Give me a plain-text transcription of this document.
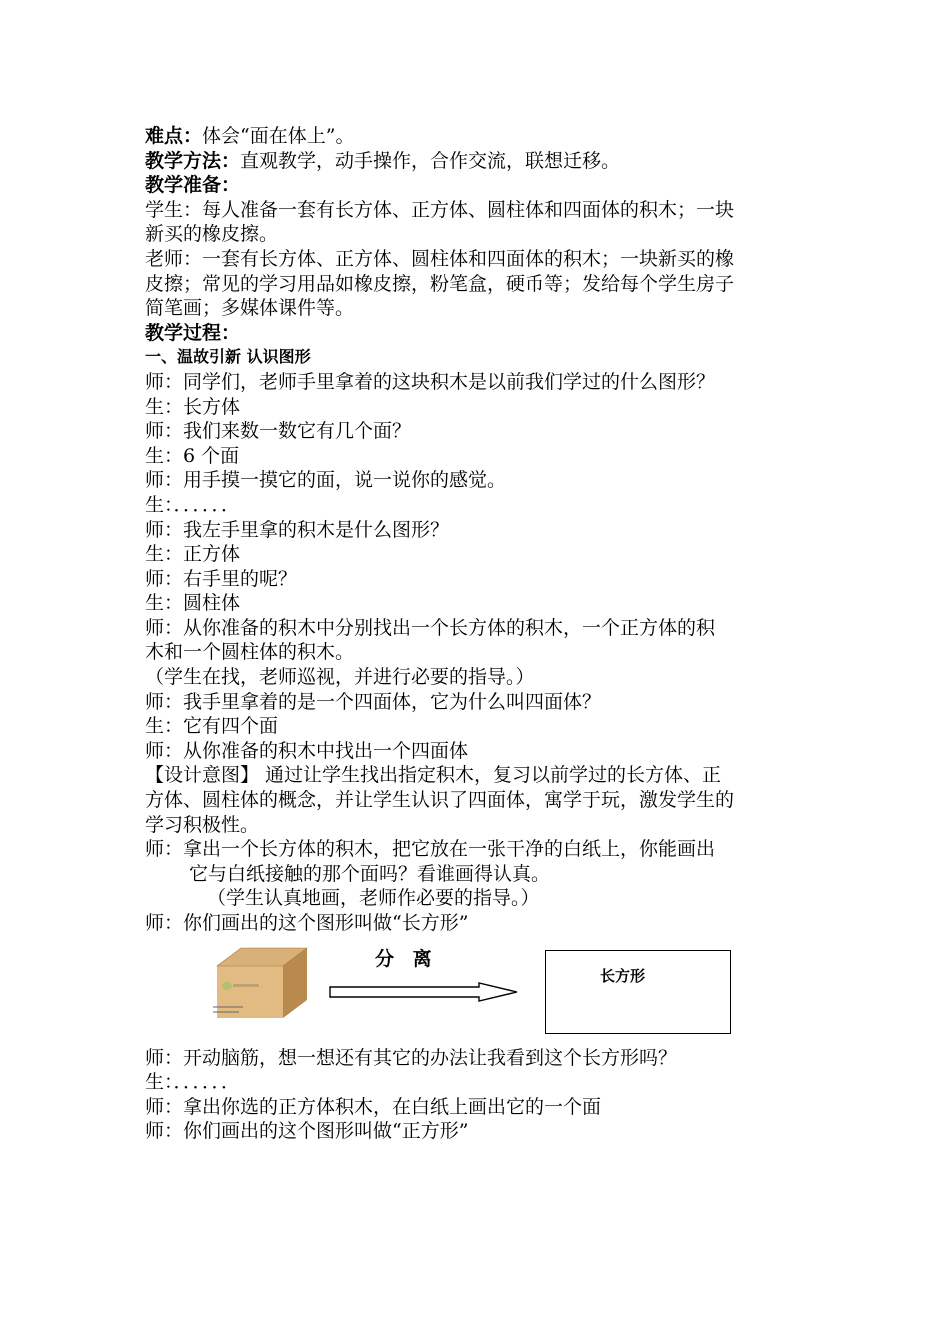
难点：体会“面在体上”。

教学方法：直观教学，动手操作，合作交流，联想迁移。

教学准备：

学生：每人准备一套有长方体、正方体、圆柱体和四面体的积木；一块

新买的橡皮擦。

老师：一套有长方体、正方体、圆柱体和四面体的积木；一块新买的橡

皮擦；常见的学习用品如橡皮擦，粉笔盒，硬币等；发给每个学生房子

简笔画；多媒体课件等。

教学过程：

一、温故引新 认识图形

师：同学们，老师手里拿着的这块积木是以前我们学过的什么图形？

生：长方体

师：我们来数一数它有几个面？

生：6 个面

师：用手摸一摸它的面，说一说你的感觉。

生：．．．．．．

师：我左手里拿的积木是什么图形？

生：正方体

师：右手里的呢？

生：圆柱体

师：从你准备的积木中分别找出一个长方体的积木，一个正方体的积

木和一个圆柱体的积木。

（学生在找，老师巡视，并进行必要的指导。）

师：我手里拿着的是一个四面体，它为什么叫四面体？

生：它有四个面

师：从你准备的积木中找出一个四面体

【设计意图】 通过让学生找出指定积木，复习以前学过的长方体、正

方体、圆柱体的概念，并让学生认识了四面体，寓学于玩，激发学生的

学习积极性。

师：拿出一个长方体的积木，把它放在一张干净的白纸上，你能画出

它与白纸接触的那个面吗？看谁画得认真。

（学生认真地画，老师作必要的指导。）

师：你们画出的这个图形叫做“长方形”

分 离
长方形

师：开动脑筋，想一想还有其它的办法让我看到这个长方形吗？

生：．．．．．．

师：拿出你选的正方体积木，在白纸上画出它的一个面

师：你们画出的这个图形叫做“正方形”
